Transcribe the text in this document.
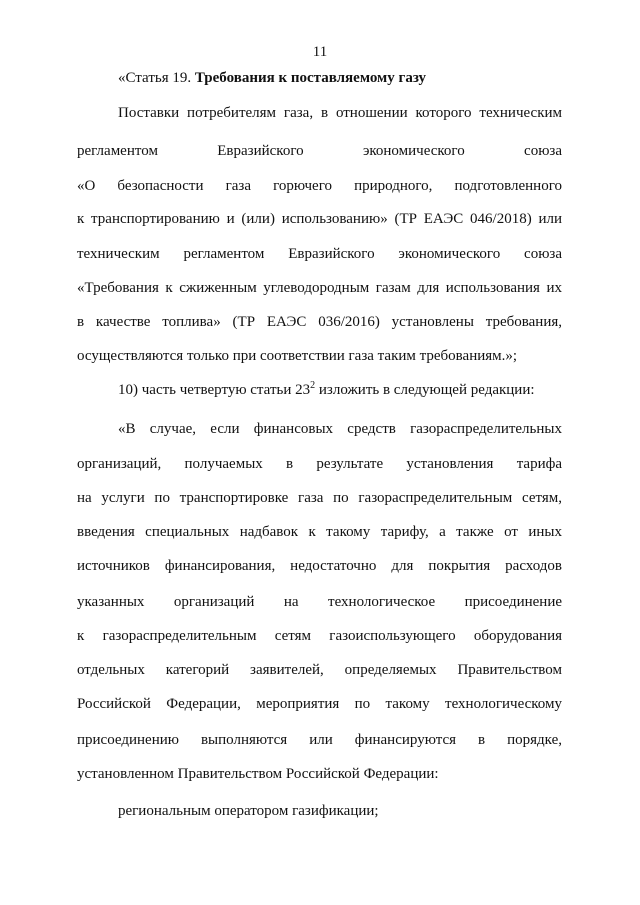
11
«Статья 19. Требования к поставляемому газу
Поставки потребителям газа, в отношении которого техническим
регламентом Евразийского экономического союза
«О безопасности газа горючего природного, подготовленного
к транспортированию и (или) использованию» (ТР ЕАЭС 046/2018) или
техническим регламентом Евразийского экономического союза
«Требования к сжиженным углеводородным газам для использования их
в качестве топлива» (ТР ЕАЭС 036/2016) установлены требования,
осуществляются только при соответствии газа таким требованиям.»;
10) часть четвертую статьи $23^2$ изложить в следующей редакции:
«В случае, если финансовых средств газораспределительных
организаций, получаемых в результате установления тарифа
на услуги по транспортировке газа по газораспределительным сетям,
введения специальных надбавок к такому тарифу, а также от иных
источников финансирования, недостаточно для покрытия расходов
указанных организаций на технологическое присоединение
к газораспределительным сетям газоиспользующего оборудования
отдельных категорий заявителей, определяемых Правительством
Российской Федерации, мероприятия по такому технологическому
присоединению выполняются или финансируются в порядке,
установленном Правительством Российской Федерации:
региональным оператором газификации;
